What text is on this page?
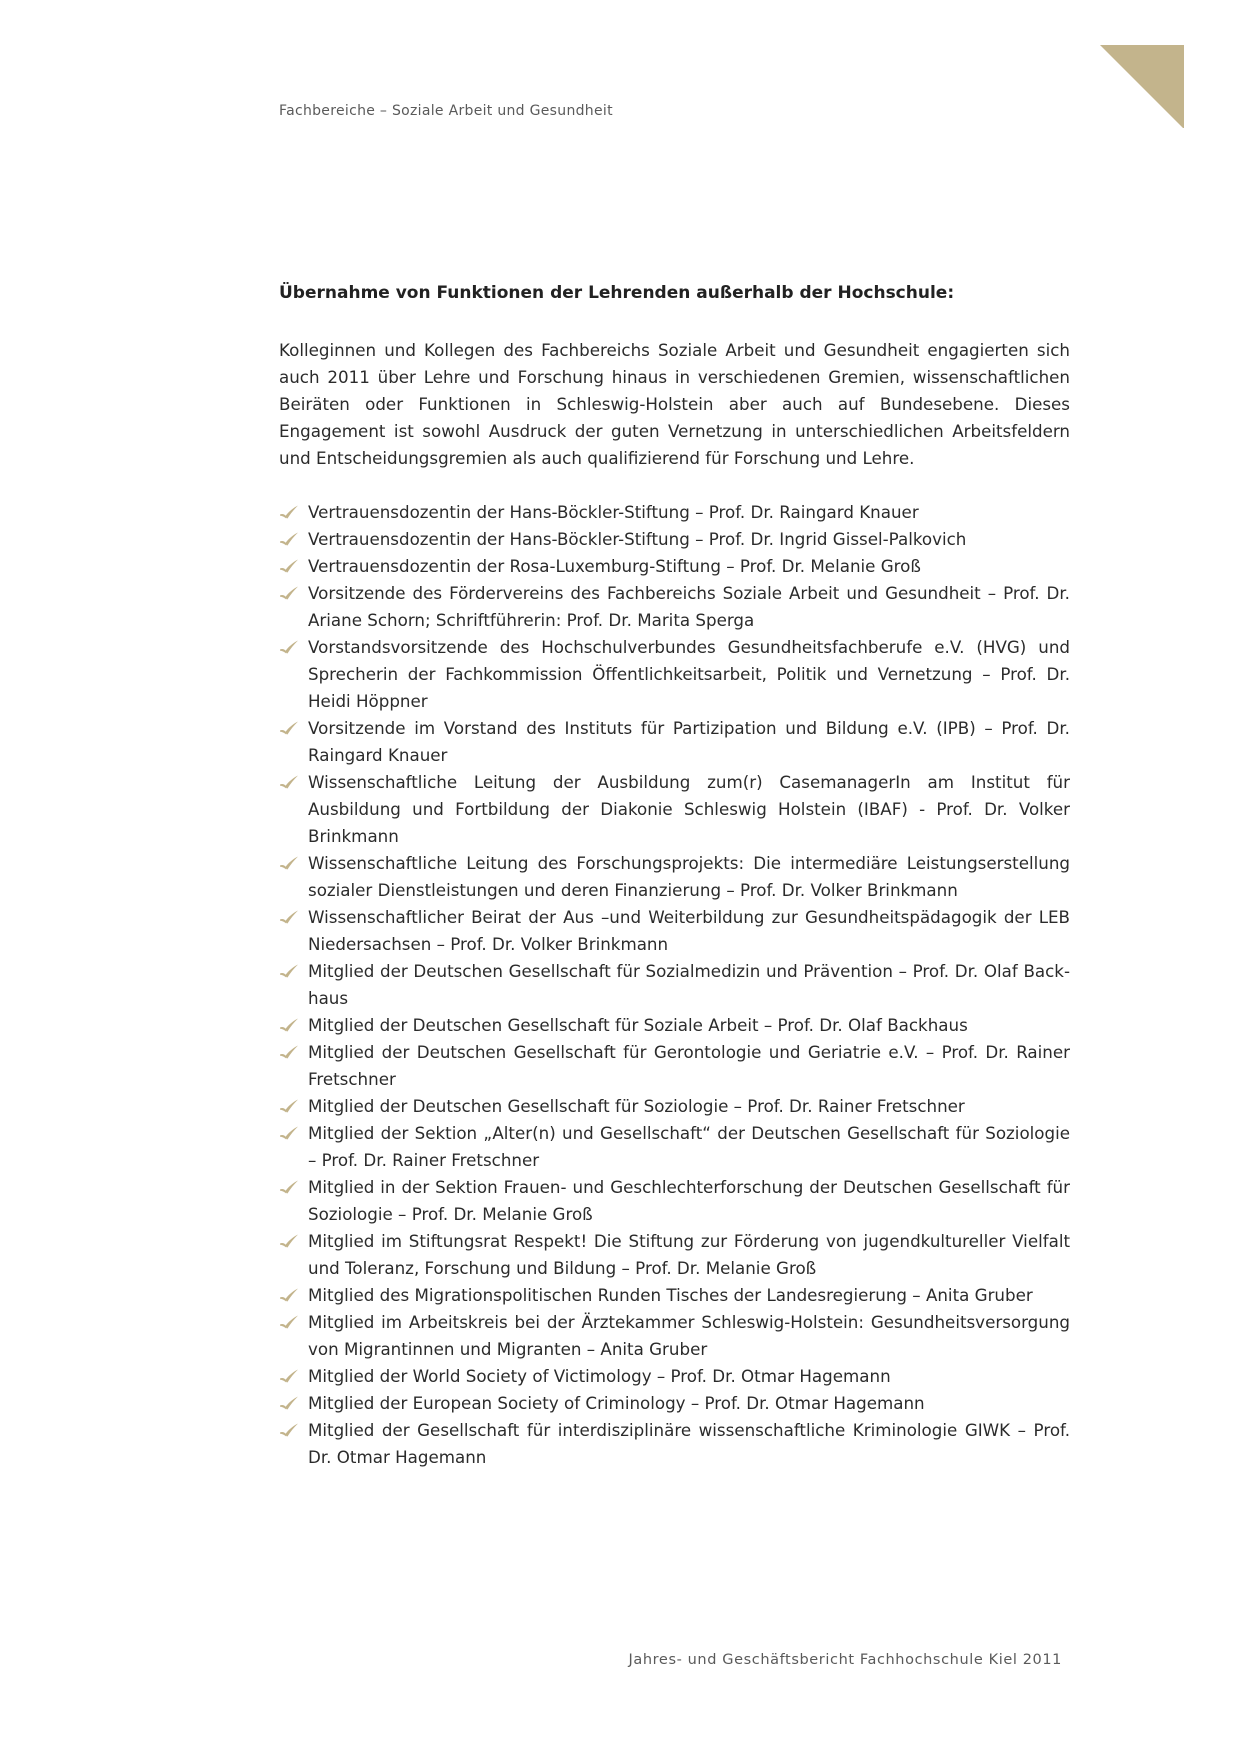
Fachbereiche – Soziale Arbeit und Gesundheit	121
Übernahme von Funktionen der Lehrenden außerhalb der Hochschule:

Kolleginnen und Kollegen des Fachbereichs Soziale Arbeit und Gesundheit engagierten sich auch 2011 über Lehre und Forschung hinaus in verschiedenen Gremien, wissenschaftlichen Beiräten oder Funktionen in Schleswig-Holstein aber auch auf Bundesebene. Dieses Engagement ist sowohl Ausdruck der guten Vernetzung in unterschiedlichen Arbeitsfeldern und Entscheidungsgremien als auch qualifizierend für Forschung und Lehre.

Vertrauensdozentin der Hans-Böckler-Stiftung – Prof. Dr. Raingard Knauer
Vertrauensdozentin der Hans-Böckler-Stiftung – Prof. Dr. Ingrid Gissel-Palkovich
Vertrauensdozentin der Rosa-Luxemburg-Stiftung – Prof. Dr. Melanie Groß
Vorsitzende des Fördervereins des Fachbereichs Soziale Arbeit und Gesundheit – Prof. Dr. Ariane Schorn; Schriftführerin: Prof. Dr. Marita Sperga
Vorstandsvorsitzende des Hochschulverbundes Gesundheitsfachberufe e.V. (HVG) und Sprecherin der Fachkommission Öffentlichkeitsarbeit, Politik und Vernetzung – Prof. Dr. Heidi Höppner
Vorsitzende im Vorstand des Instituts für Partizipation und Bildung e.V. (IPB) – Prof. Dr. Raingard Knauer
Wissenschaftliche Leitung der Ausbildung zum(r) CasemanagerIn am Institut für Ausbildung und Fortbildung der Diakonie Schleswig Holstein (IBAF) - Prof. Dr. Volker Brinkmann
Wissenschaftliche Leitung des Forschungsprojekts: Die intermediäre Leistungserstellung sozialer Dienstleistungen und deren Finanzierung – Prof. Dr. Volker Brinkmann
Wissenschaftlicher Beirat der Aus –und Weiterbildung zur Gesundheitspädagogik der LEB Niedersachsen – Prof. Dr. Volker Brinkmann
Mitglied der Deutschen Gesellschaft für Sozialmedizin und Prävention – Prof. Dr. Olaf Backhaus
Mitglied der Deutschen Gesellschaft für Soziale Arbeit – Prof. Dr. Olaf Backhaus
Mitglied der Deutschen Gesellschaft für Gerontologie und Geriatrie e.V. – Prof. Dr. Rainer Fretschner
Mitglied der Deutschen Gesellschaft für Soziologie – Prof. Dr. Rainer Fretschner
Mitglied der Sektion „Alter(n) und Gesellschaft“ der Deutschen Gesellschaft für Soziologie – Prof. Dr. Rainer Fretschner
Mitglied in der Sektion Frauen- und Geschlechterforschung der Deutschen Gesellschaft für Soziologie – Prof. Dr. Melanie Groß
Mitglied im Stiftungsrat Respekt! Die Stiftung zur Förderung von jugendkultureller Vielfalt und Toleranz, Forschung und Bildung – Prof. Dr. Melanie Groß
Mitglied des Migrationspolitischen Runden Tisches der Landesregierung – Anita Gruber
Mitglied im Arbeitskreis bei der Ärztekammer Schleswig-Holstein: Gesundheitsversorgung von Migrantinnen und Migranten – Anita Gruber
Mitglied der World Society of Victimology – Prof. Dr. Otmar Hagemann
Mitglied der European Society of Criminology – Prof. Dr. Otmar Hagemann
Mitglied der Gesellschaft für interdisziplinäre wissenschaftliche Kriminologie GIWK – Prof. Dr. Otmar Hagemann
Jahres- und Geschäftsbericht Fachhochschule Kiel 2011
